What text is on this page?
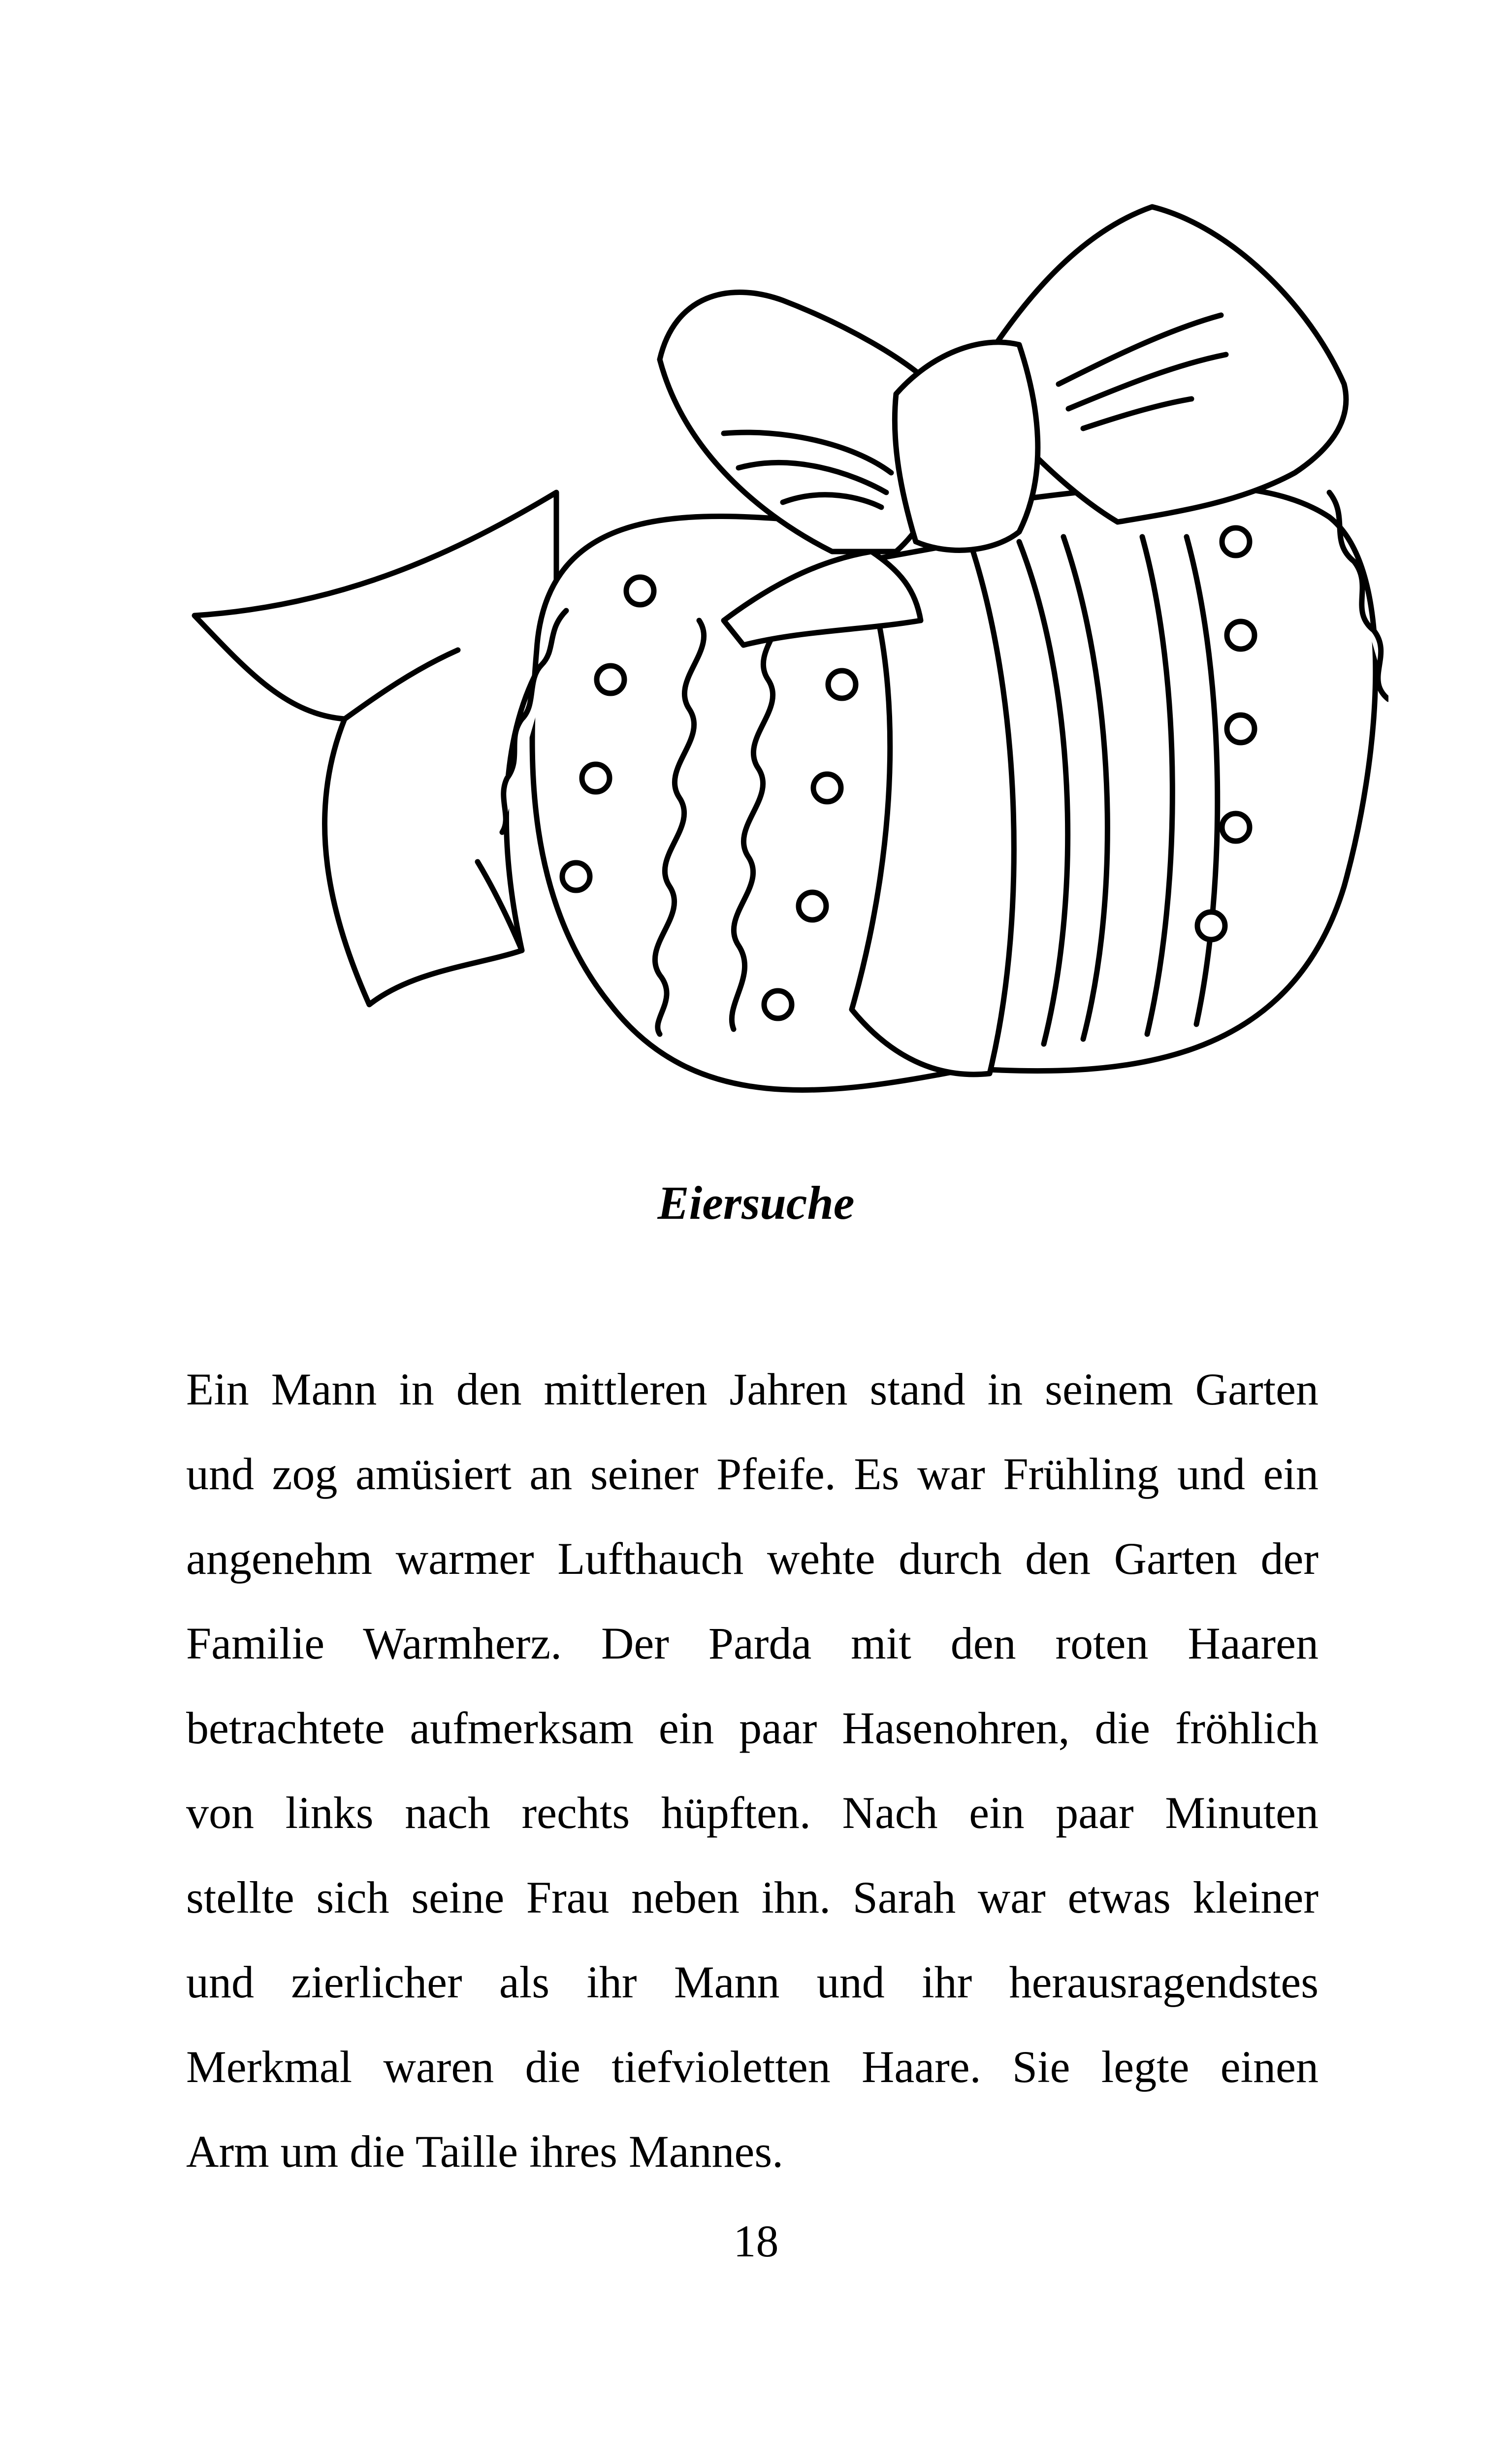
Eiersuche
Ein Mann in den mittleren Jahren stand in seinem Garten
und zog amüsiert an seiner Pfeife. Es war Frühling und ein
angenehm warmer Lufthauch wehte durch den Garten der
Familie Warmherz. Der Parda mit den roten Haaren
betrachtete aufmerksam ein paar Hasenohren, die fröhlich
von links nach rechts hüpften. Nach ein paar Minuten
stellte sich seine Frau neben ihn. Sarah war etwas kleiner
und zierlicher als ihr Mann und ihr herausragendstes
Merkmal waren die tiefvioletten Haare. Sie legte einen
Arm um die Taille ihres Mannes.
18
